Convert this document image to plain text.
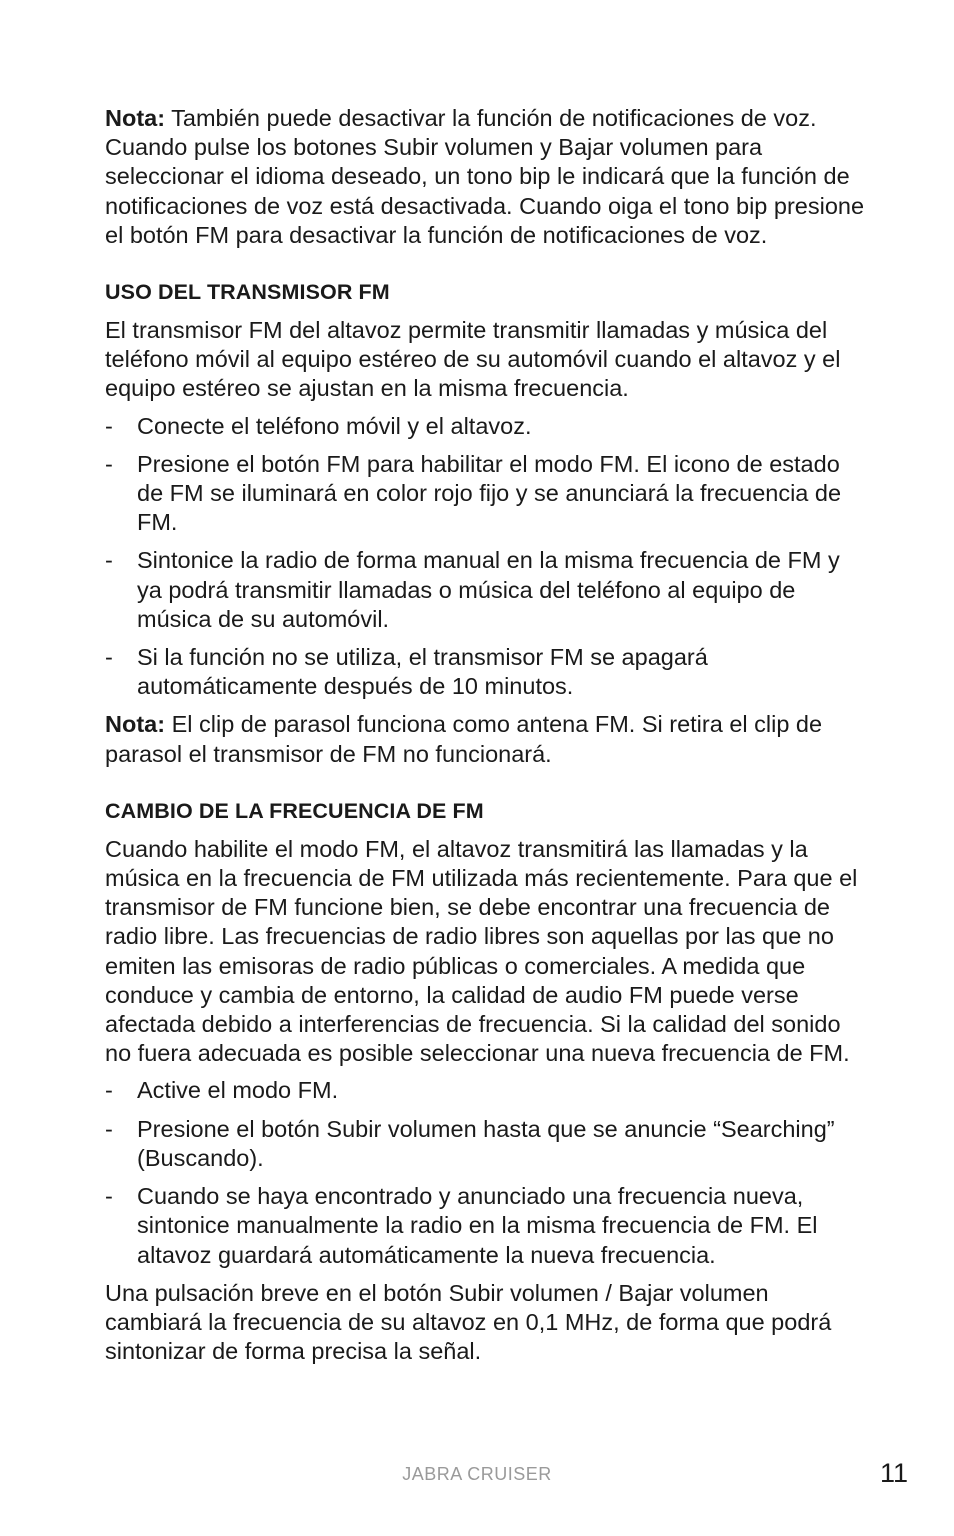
Nota: También puede desactivar la función de notificaciones de voz. Cuando pulse los botones Subir volumen y Bajar volumen para seleccionar el idioma deseado, un tono bip le indicará que la función de notificaciones de voz está desactivada. Cuando oiga el tono bip presione el botón FM para desactivar la función de notificaciones de voz.

USO DEL TRANSMISOR FM

El transmisor FM del altavoz permite transmitir llamadas y música del teléfono móvil al equipo estéreo de su automóvil cuando el altavoz y el equipo estéreo se ajustan en la misma frecuencia.

- Conecte el teléfono móvil y el altavoz.
- Presione el botón FM para habilitar el modo FM. El icono de estado de FM se iluminará en color rojo fijo y se anunciará la frecuencia de FM.
- Sintonice la radio de forma manual en la misma frecuencia de FM y ya podrá transmitir llamadas o música del teléfono al equipo de música de su automóvil.
- Si la función no se utiliza, el transmisor FM se apagará automáticamente después de 10 minutos.

Nota: El clip de parasol funciona como antena FM. Si retira el clip de parasol el transmisor de FM no funcionará.

CAMBIO DE LA FRECUENCIA DE FM

Cuando habilite el modo FM, el altavoz transmitirá las llamadas y la música en la frecuencia de FM utilizada más recientemente. Para que el transmisor de FM funcione bien, se debe encontrar una frecuencia de radio libre. Las frecuencias de radio libres son aquellas por las que no emiten las emisoras de radio públicas o comerciales. A medida que conduce y cambia de entorno, la calidad de audio FM puede verse afectada debido a interferencias de frecuencia. Si la calidad del sonido no fuera adecuada es posible seleccionar una nueva frecuencia de FM.

- Active el modo FM.
- Presione el botón Subir volumen hasta que se anuncie “Searching” (Buscando).
- Cuando se haya encontrado y anunciado una frecuencia nueva, sintonice manualmente la radio en la misma frecuencia de FM. El altavoz guardará automáticamente la nueva frecuencia.

Una pulsación breve en el botón Subir volumen / Bajar volumen cambiará la frecuencia de su altavoz en 0,1 MHz, de forma que podrá sintonizar de forma precisa la señal.

JABRA CRUISER	11
